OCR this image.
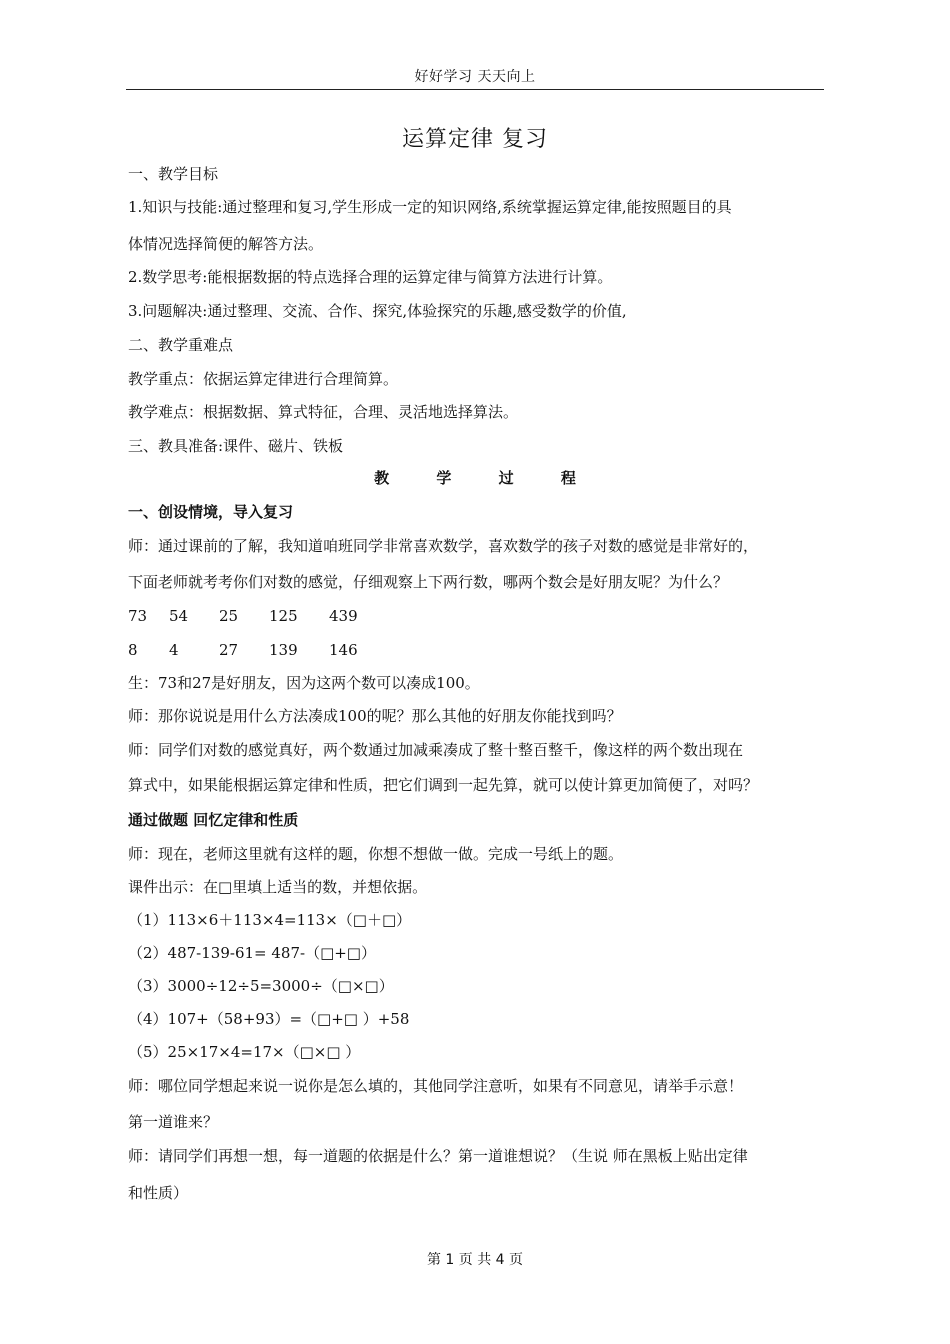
好好学习 天天向上
运算定律 复习
一、教学目标
1.知识与技能:通过整理和复习,学生形成一定的知识网络,系统掌握运算定律,能按照题目的具
体情况选择简便的解答方法。
2.数学思考:能根据数据的特点选择合理的运算定律与简算方法进行计算。
3.问题解决:通过整理、交流、合作、探究,体验探究的乐趣,感受数学的价值,
二、教学重难点
教学重点：依据运算定律进行合理简算。
教学难点：根据数据、算式特征，合理、灵活地选择算法。
三、教具准备:课件、磁片、铁板
教 学 过 程
一、创设情境，导入复习
师：通过课前的了解，我知道咱班同学非常喜欢数学，喜欢数学的孩子对数的感觉是非常好的，
下面老师就考考你们对数的感觉，仔细观察上下两行数，哪两个数会是好朋友呢？为什么？
73 54 25 125 439
8 4	27 139 146
生：73和27是好朋友，因为这两个数可以凑成100。
师：那你说说是用什么方法凑成100的呢？那么其他的好朋友你能找到吗？
师：同学们对数的感觉真好，两个数通过加减乘凑成了整十整百整千，像这样的两个数出现在
算式中，如果能根据运算定律和性质，把它们调到一起先算，就可以使计算更加简便了，对吗？
通过做题 回忆定律和性质
师：现在，老师这里就有这样的题，你想不想做一做。完成一号纸上的题。
课件出示：在□里填上适当的数，并想依据。
（1）113×6＋113×4=113×（□＋□）
（2）487-139-61= 487-（□+□）
（3）3000÷12÷5=3000÷（□×□）
（4）107+（58+93）=（□+□ ）+58
（5）25×17×4=17×（□×□ ）
师：哪位同学想起来说一说你是怎么填的，其他同学注意听，如果有不同意见，请举手示意！
第一道谁来？
师：请同学们再想一想，每一道题的依据是什么？第一道谁想说？（生说 师在黑板上贴出定律
和性质）
第 1 页 共 4 页
